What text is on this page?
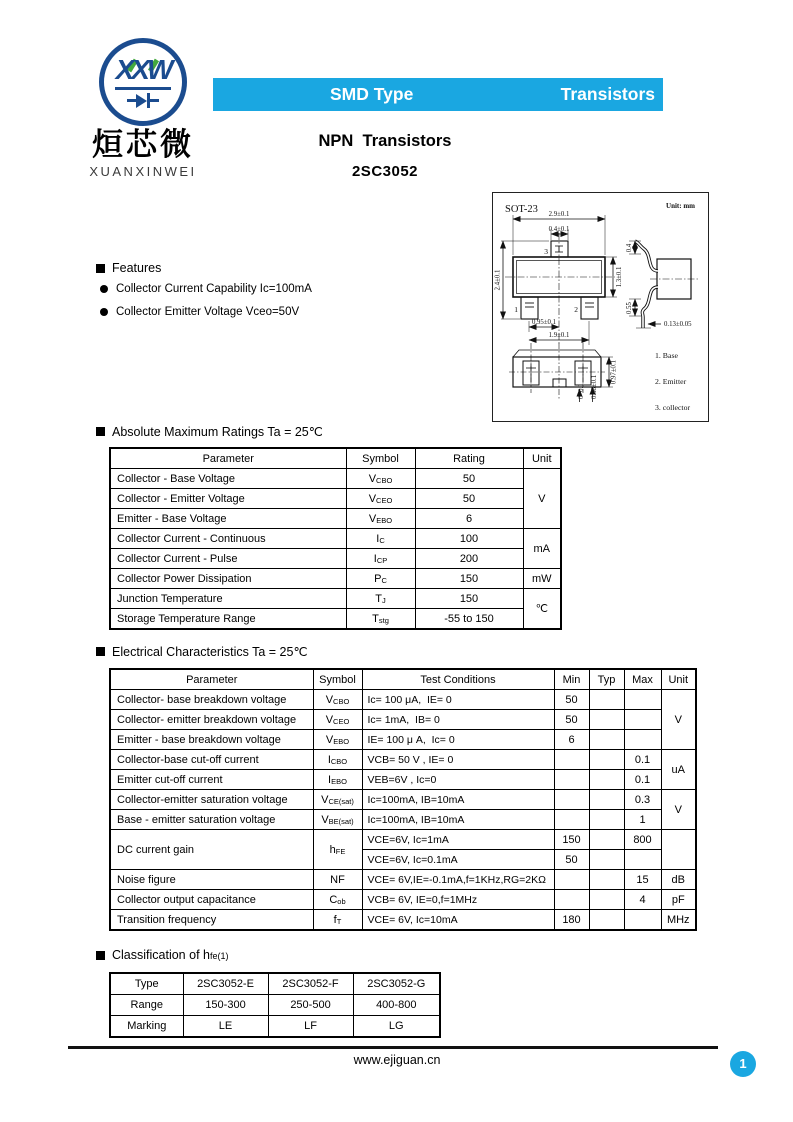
XXW
烜芯微
XUANXINWEI
SMD Type	Transistors
NPN  Transistors
2SC3052
SOT-23	Unit: mm
2.9±0.1
0.4±0.1
2.4±0.1	1.3±0.1
0.95±0.1
1.9±0.1
3
1	2
0.4
0.55
0.13±0.05
0.97±0.1
0.38±0.1
0~0.1
1. Base
2. Emitter
3. collector
Features
Collector Current Capability Ic=100mA
Collector Emitter Voltage Vceo=50V
Absolute Maximum Ratings Ta = 25℃
Parameter	Symbol	Rating	Unit
Collector - Base Voltage	VCBO	50	V
Collector - Emitter Voltage	VCEO	50	
Emitter - Base Voltage	VEBO	6	
Collector Current - Continuous	IC	100	mA
Collector Current - Pulse	ICP	200	
Collector Power Dissipation	PC	150	mW
Junction Temperature	TJ	150	℃
Storage Temperature Range	Tstg	-55 to 150	
Electrical Characteristics Ta = 25℃
Parameter	Symbol	Test Conditions	Min	Typ	Max	Unit
Collector- base breakdown voltage	VCBO	Ic= 100 μA,  IE= 0	50			V
Collector- emitter breakdown voltage	VCEO	Ic= 1mA,  IB= 0	50			
Emitter - base breakdown voltage	VEBO	IE= 100 μ A,  Ic= 0	6			
Collector-base cut-off current	ICBO	VCB= 50 V , IE= 0			0.1	uA
Emitter cut-off current	IEBO	VEB=6V , Ic=0			0.1	
Collector-emitter saturation voltage	VCE(sat)	Ic=100mA, IB=10mA			0.3	V
Base - emitter saturation voltage	VBE(sat)	Ic=100mA, IB=10mA			1	
DC current gain	hFE	VCE=6V, Ic=1mA	150		800	
		VCE=6V, Ic=0.1mA	50			
Noise figure	NF	VCE= 6V,IE=-0.1mA,f=1KHz,RG=2KΩ			15	dB
Collector output capacitance	Cob	VCB= 6V, IE=0,f=1MHz			4	pF
Transition frequency	fT	VCE= 6V, Ic=10mA	180			MHz
Classification of hfe(1)
Type	2SC3052-E	2SC3052-F	2SC3052-G
Range	150-300	250-500	400-800
Marking	LE	LF	LG
www.ejiguan.cn	1
